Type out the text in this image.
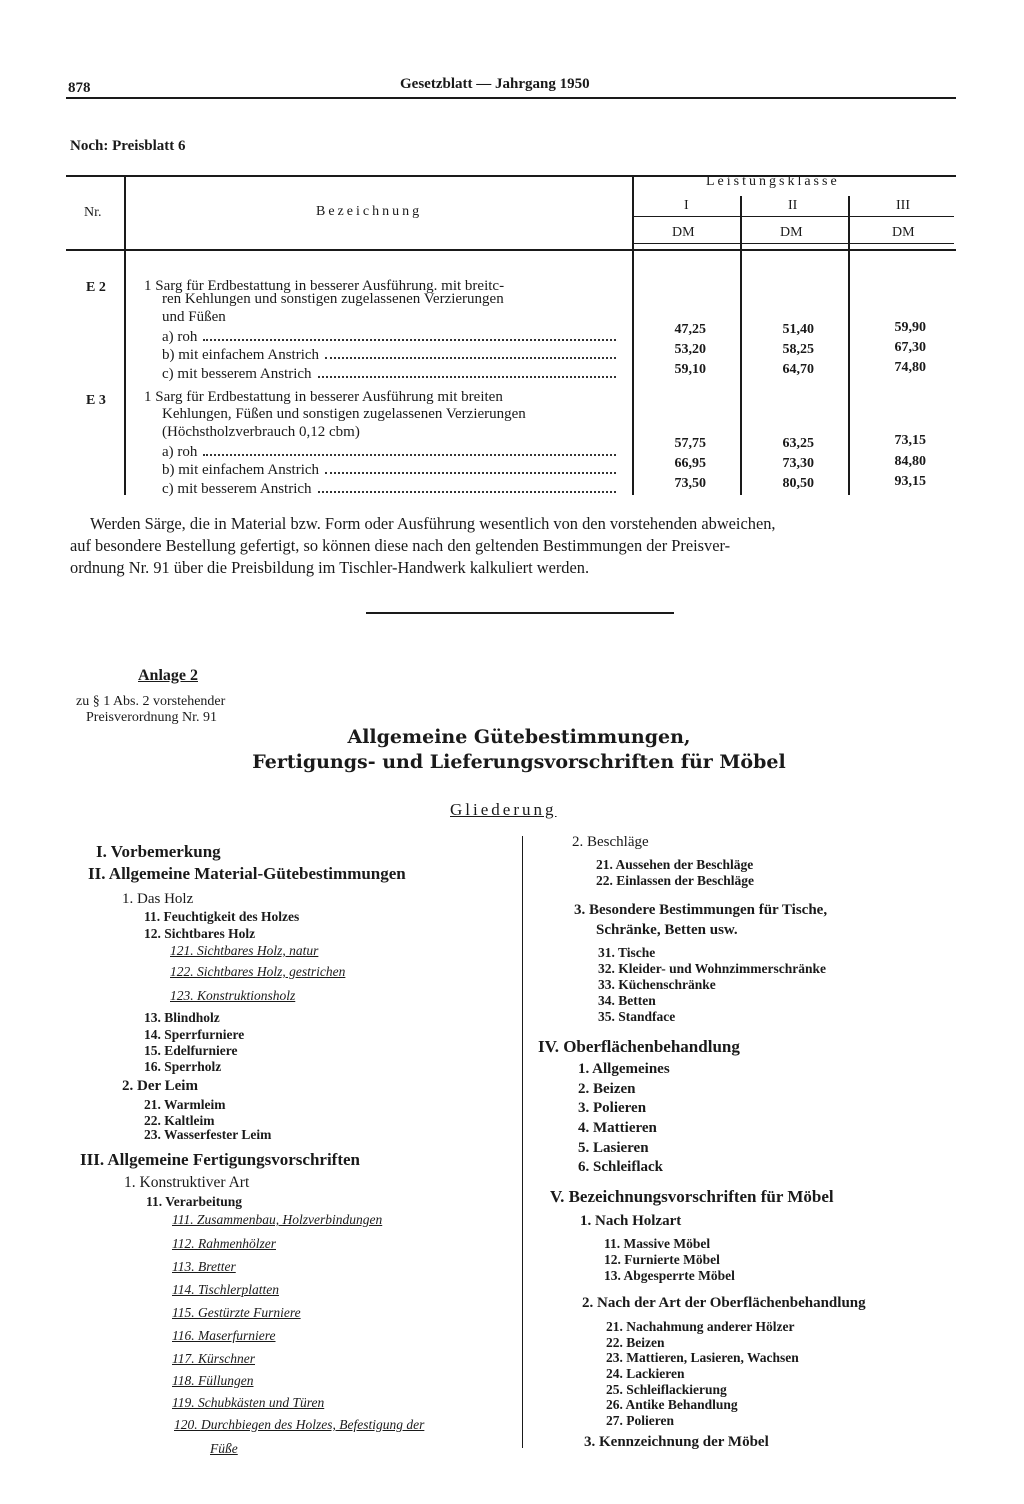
878	Gesetzblatt — Jahrgang 1950
Noch: Preisblatt 6
Nr.	Bezeichnung
Leistungsklasse
I	II	III
DM	DM	DM
E 2	1 Sarg für Erdbestattung in besserer Ausführung. mit breitc-
ren Kehlungen und sonstigen zugelassenen Verzierungen
und Füßen
a) roh
b) mit einfachem Anstrich
c) mit besserem Anstrich
47,25	51,40	59,90
53,20	58,25	67,30
59,10	64,70	74,80
E 3	1 Sarg für Erdbestattung in besserer Ausführung mit breiten
Kehlungen, Füßen und sonstigen zugelassenen Verzierungen
(Höchstholzverbrauch 0,12 cbm)
a) roh
b) mit einfachem Anstrich
c) mit besserem Anstrich
57,75	63,25	73,15
66,95	73,30	84,80
73,50	80,50	93,15
Werden Särge, die in Material bzw. Form oder Ausführung wesentlich von den vorstehenden abweichen,
auf besondere Bestellung gefertigt, so können diese nach den geltenden Bestimmungen der Preisver-
ordnung Nr. 91 über die Preisbildung im Tischler-Handwerk kalkuliert werden.
Anlage 2
zu § 1 Abs. 2 vorstehender
Preisverordnung Nr. 91
Allgemeine Gütebestimmungen,
Fertigungs- und Lieferungsvorschriften für Möbel
Gliederung
I. Vorbemerkung
II. Allgemeine Material-Gütebestimmungen
1. Das Holz
11. Feuchtigkeit des Holzes
12. Sichtbares Holz
121. Sichtbares Holz, natur
122. Sichtbares Holz, gestrichen
123. Konstruktionsholz
13. Blindholz
14. Sperrfurniere
15. Edelfurniere
16. Sperrholz
2. Der Leim
21. Warmleim
22. Kaltleim
23. Wasserfester Leim
III. Allgemeine Fertigungsvorschriften
1. Konstruktiver Art
11. Verarbeitung
111. Zusammenbau, Holzverbindungen
112. Rahmenhölzer
113. Bretter
114. Tischlerplatten
115. Gestürzte Furniere
116. Maserfurniere
117. Kürschner
118. Füllungen
119. Schubkästen und Türen
120. Durchbiegen des Holzes, Befestigung der
Füße
2. Beschläge
21. Aussehen der Beschläge
22. Einlassen der Beschläge
3. Besondere Bestimmungen für Tische,
Schränke, Betten usw.
31. Tische
32. Kleider- und Wohnzimmerschränke
33. Küchenschränke
34. Betten
35. Standface
IV. Oberflächenbehandlung
1. Allgemeines
2. Beizen
3. Polieren
4. Mattieren
5. Lasieren
6. Schleiflack
V. Bezeichnungsvorschriften für Möbel
1. Nach Holzart
11. Massive Möbel
12. Furnierte Möbel
13. Abgesperrte Möbel
2. Nach der Art der Oberflächenbehandlung
21. Nachahmung anderer Hölzer
22. Beizen
23. Mattieren, Lasieren, Wachsen
24. Lackieren
25. Schleiflackierung
26. Antike Behandlung
27. Polieren
3. Kennzeichnung der Möbel
